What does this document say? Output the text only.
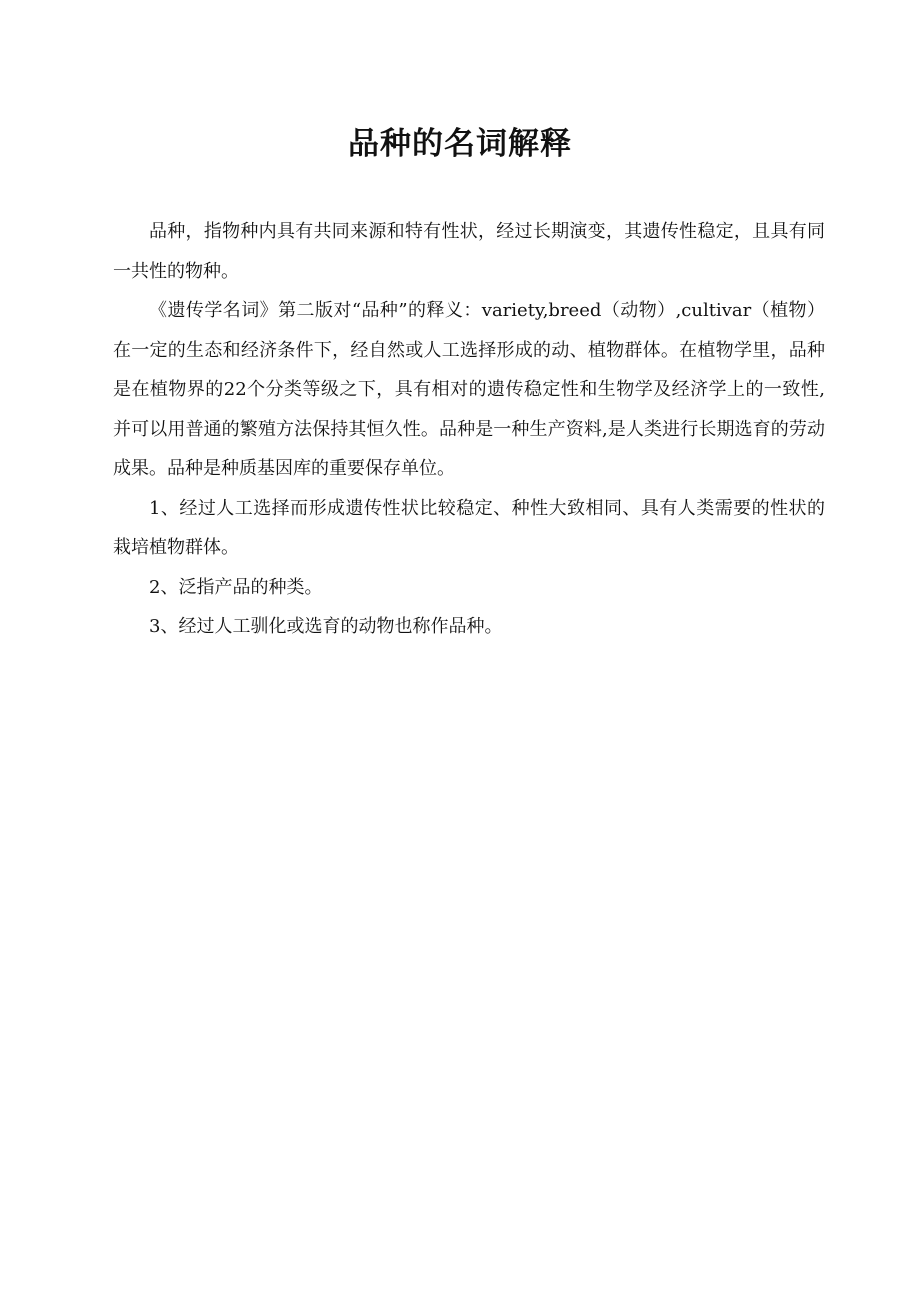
品种的名词解释

品种，指物种内具有共同来源和特有性状，经过长期演变，其遗传性稳定，且具有同一共性的物种。

《遗传学名词》第二版对“品种”的释义：variety,breed（动物）,cultivar（植物）在一定的生态和经济条件下，经自然或人工选择形成的动、植物群体。在植物学里，品种是在植物界的22个分类等级之下，具有相对的遗传稳定性和生物学及经济学上的一致性,并可以用普通的繁殖方法保持其恒久性。品种是一种生产资料,是人类进行长期选育的劳动成果。品种是种质基因库的重要保存单位。

1、经过人工选择而形成遗传性状比较稳定、种性大致相同、具有人类需要的性状的栽培植物群体。

2、泛指产品的种类。

3、经过人工驯化或选育的动物也称作品种。
